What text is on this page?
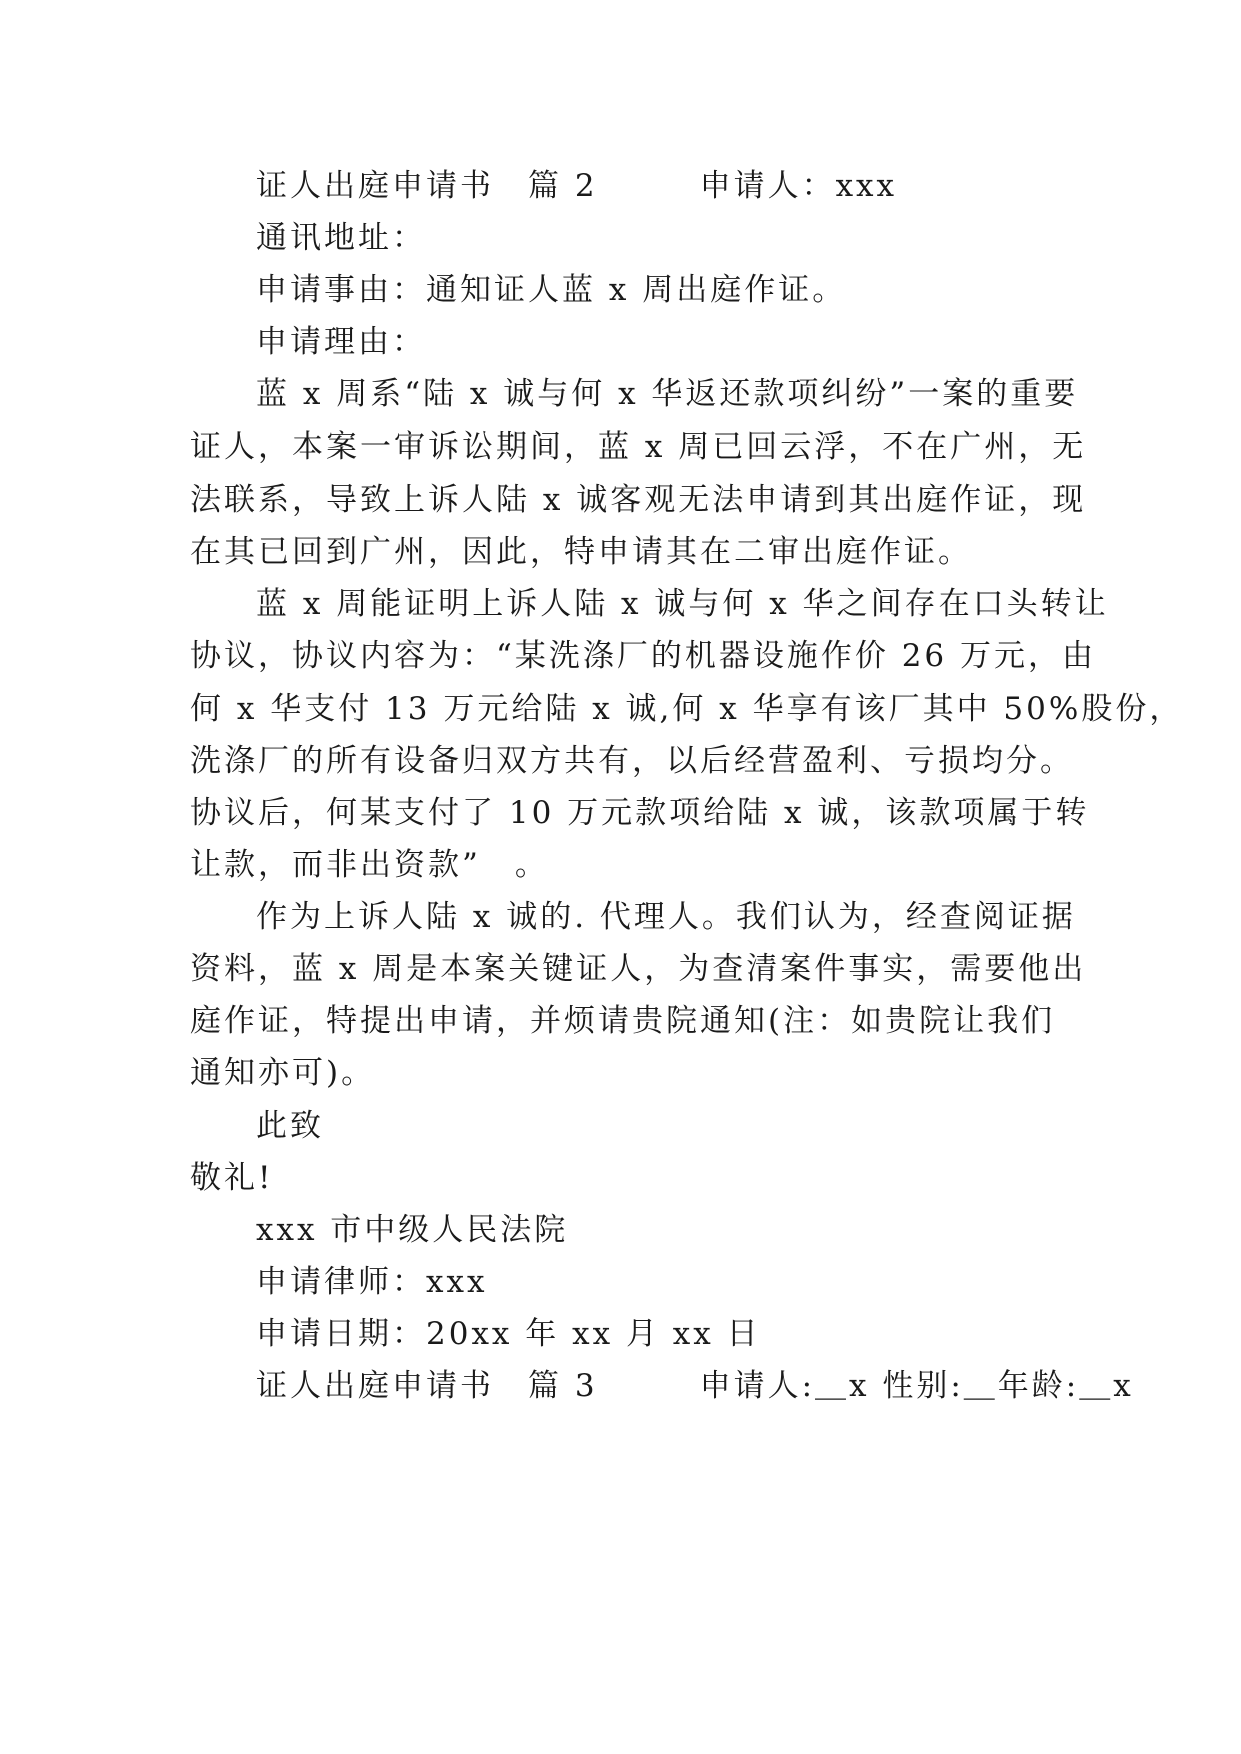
证人出庭申请书　篇 2　　　申请人：xxx
通讯地址：
申请事由：通知证人蓝 x 周出庭作证。
申请理由：
蓝 x 周系“陆 x 诚与何 x 华返还款项纠纷”一案的重要
证人，本案一审诉讼期间，蓝 x 周已回云浮，不在广州，无
法联系，导致上诉人陆 x 诚客观无法申请到其出庭作证，现
在其已回到广州，因此，特申请其在二审出庭作证。
蓝 x 周能证明上诉人陆 x 诚与何 x 华之间存在口头转让
协议，协议内容为：“某洗涤厂的机器设施作价 26 万元，由
何 x 华支付 13 万元给陆 x 诚,何 x 华享有该厂其中 50%股份，
洗涤厂的所有设备归双方共有，以后经营盈利、亏损均分。
协议后，何某支付了 10 万元款项给陆 x 诚，该款项属于转
让款，而非出资款”　。
作为上诉人陆 x 诚的. 代理人。我们认为，经查阅证据
资料，蓝 x 周是本案关键证人，为查清案件事实，需要他出
庭作证，特提出申请，并烦请贵院通知(注：如贵院让我们
通知亦可)。
此致
敬礼!
xxx 市中级人民法院
申请律师：xxx
申请日期：20xx 年 xx 月 xx 日
证人出庭申请书　篇 3　　　申请人:＿x 性别:＿年龄:＿x
